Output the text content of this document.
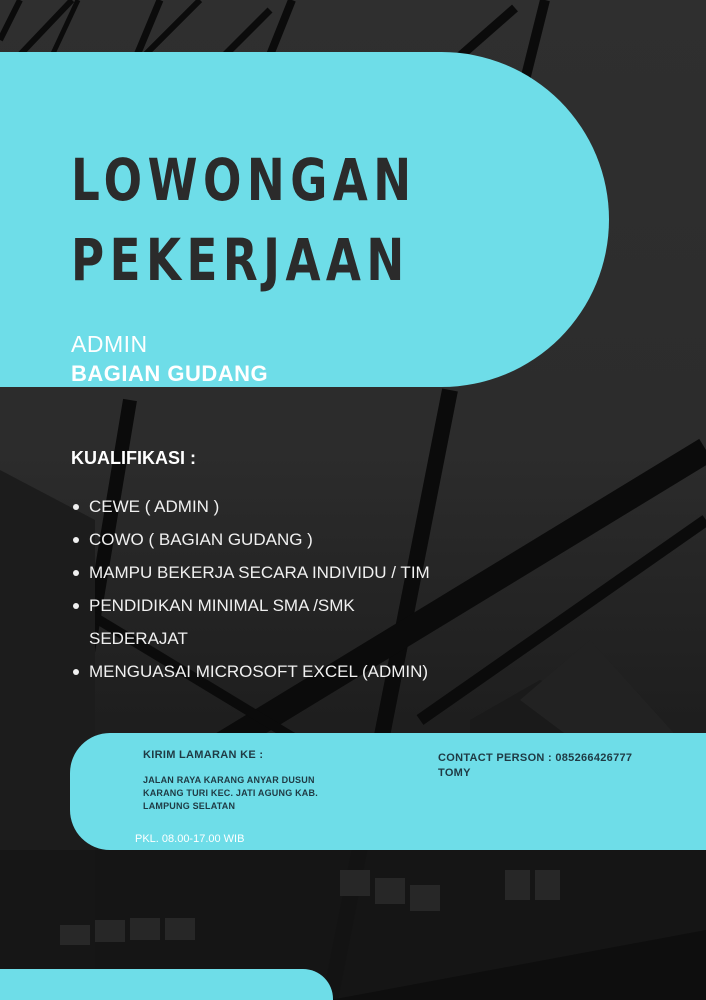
LOWONGAN
PEKERJAAN
ADMIN
BAGIAN GUDANG
KUALIFIKASI :
CEWE ( ADMIN )
COWO ( BAGIAN GUDANG )
MAMPU BEKERJA SECARA INDIVIDU / TIM
PENDIDIKAN MINIMAL SMA /SMK SEDERAJAT
MENGUASAI MICROSOFT EXCEL (ADMIN)
KIRIM LAMARAN KE :
JALAN RAYA KARANG ANYAR DUSUN
KARANG TURI KEC. JATI AGUNG KAB.
LAMPUNG SELATAN
PKL. 08.00-17.00 WIB
CONTACT PERSON : 085266426777
TOMY
